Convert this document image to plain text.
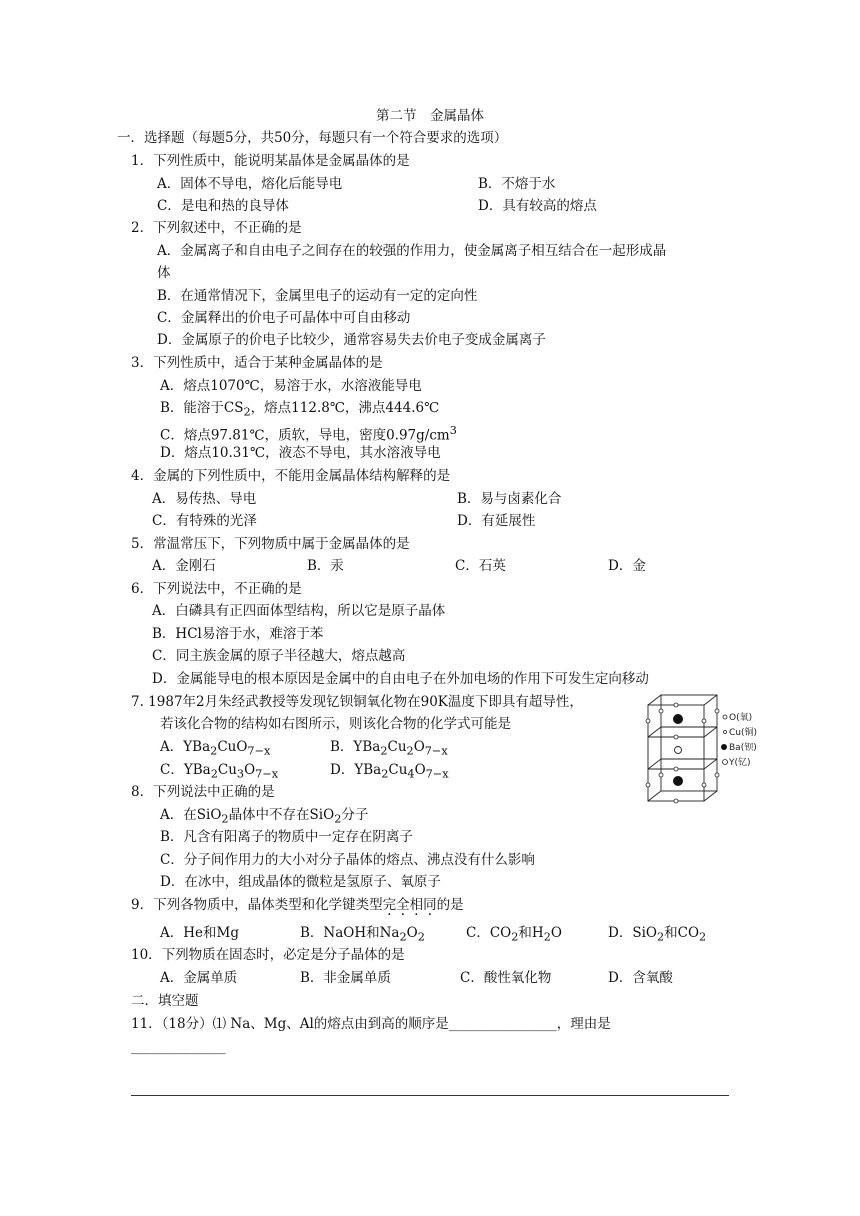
第二节　金属晶体
一．选择题（每题5分，共50分，每题只有一个符合要求的选项）
1．下列性质中，能说明某晶体是金属晶体的是
A．固体不导电，熔化后能导电	B．不熔于水
C．是电和热的良导体	D．具有较高的熔点
2．下列叙述中，不正确的是
A．金属离子和自由电子之间存在的较强的作用力，使金属离子相互结合在一起形成晶
体
B．在通常情况下，金属里电子的运动有一定的定向性
C．金属释出的价电子可晶体中可自由移动
D．金属原子的价电子比较少，通常容易失去价电子变成金属离子
3．下列性质中，适合于某种金属晶体的是
A．熔点1070℃，易溶于水，水溶液能导电
B．能溶于$CS_2$，熔点112.8℃，沸点444.6℃
C．熔点97.81℃，质软，导电，密度$0.97g/cm^3$
D．熔点10.31℃，液态不导电，其水溶液导电
4．金属的下列性质中，不能用金属晶体结构解释的是
A．易传热、导电	B．易与卤素化合
C．有特殊的光泽	D．有延展性
5．常温常压下，下列物质中属于金属晶体的是
A．金刚石	B．汞	C．石英	D．金
6．下列说法中，不正确的是
A．白磷具有正四面体型结构，所以它是原子晶体
B．HCl易溶于水，难溶于苯
C．同主族金属的原子半径越大，熔点越高
D．金属能导电的根本原因是金属中的自由电子在外加电场的作用下可发生定向移动
7. 1987年2月朱经武教授等发现钇钡铜氧化物在90K温度下即具有超导性，
若该化合物的结构如右图所示，则该化合物的化学式可能是
A．YBa$_2$CuO$_{7-x}$	B．$YBa_2Cu_2O_{7-x}$
C．$YBa_2Cu_3O_{7-x}$	D．$YBa_2Cu_4O_{7-x}$
O(氧)
Cu(铜)
Ba(钡)
Y(钇)
8．下列说法中正确的是
A．在SiO$_2$晶体中不存在SiO$_2$分子
B．凡含有阳离子的物质中一定存在阴离子
C．分子间作用力的大小对分子晶体的熔点、沸点没有什么影响
D．在冰中，组成晶体的微粒是氢原子、氧原子
9．下列各物质中，晶体类型和化学键类型完全相同的是
A．He和Mg	B．NaOH和$Na_2O_2$	C．$CO_2$和$H_2O$	D．SiO$_2$和$CO_2$
10．下列物质在固态时，必定是分子晶体的是
A．金属单质	B．非金属单质	C．酸性氧化物	D．含氧酸
二．填空题
11．（18分）⑴ Na、Mg、Al的熔点由到高的顺序是________________，理由是
______________
